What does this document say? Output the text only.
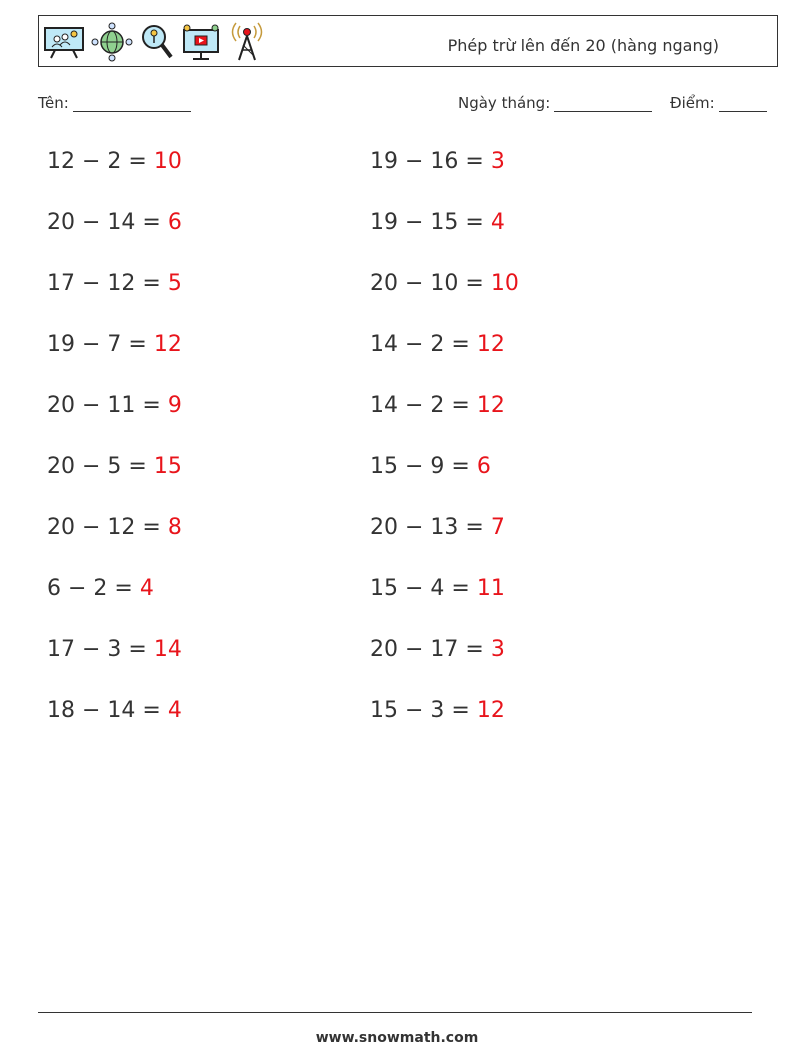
Phép trừ lên đến 20 (hàng ngang)
Tên:	Ngày tháng:	Điểm:
12 − 2 = 10
20 − 14 = 6
17 − 12 = 5
19 − 7 = 12
20 − 11 = 9
20 − 5 = 15
20 − 12 = 8
6 − 2 = 4
17 − 3 = 14
18 − 14 = 4
19 − 16 = 3
19 − 15 = 4
20 − 10 = 10
14 − 2 = 12
14 − 2 = 12
15 − 9 = 6
20 − 13 = 7
15 − 4 = 11
20 − 17 = 3
15 − 3 = 12
www.snowmath.com
